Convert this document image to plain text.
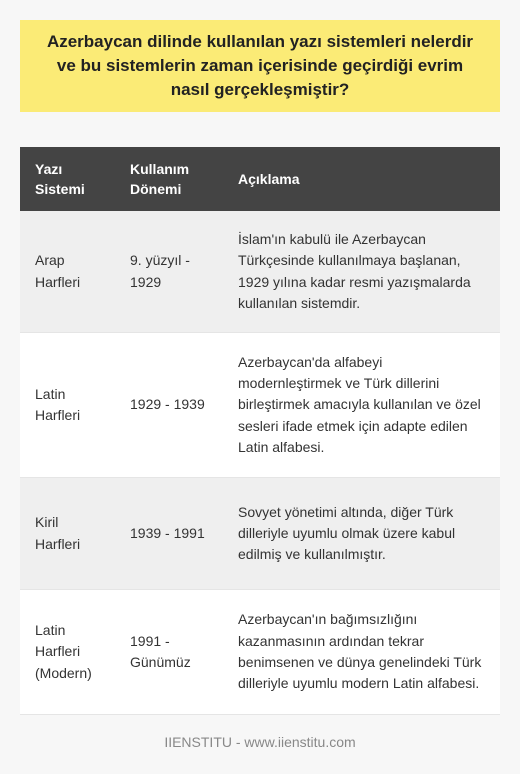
Azerbaycan dilinde kullanılan yazı sistemleri nelerdir ve bu sistemlerin zaman içerisinde geçirdiği evrim nasıl gerçekleşmiştir?
Yazı Sistemi	Kullanım Dönemi	Açıklama
Arap Harfleri	9. yüzyıl - 1929	İslam'ın kabulü ile Azerbaycan Türkçesinde kullanılmaya başlanan, 1929 yılına kadar resmi yazışmalarda kullanılan sistemdir.
Latin Harfleri	1929 - 1939	Azerbaycan'da alfabeyi modernleştirmek ve Türk dillerini birleştirmek amacıyla kullanılan ve özel sesleri ifade etmek için adapte edilen Latin alfabesi.
Kiril Harfleri	1939 - 1991	Sovyet yönetimi altında, diğer Türk dilleriyle uyumlu olmak üzere kabul edilmiş ve kullanılmıştır.
Latin Harfleri (Modern)	1991 - Günümüz	Azerbaycan'ın bağımsızlığını kazanmasının ardından tekrar benimsenen ve dünya genelindeki Türk dilleriyle uyumlu modern Latin alfabesi.
IIENSTITU - www.iienstitu.com
